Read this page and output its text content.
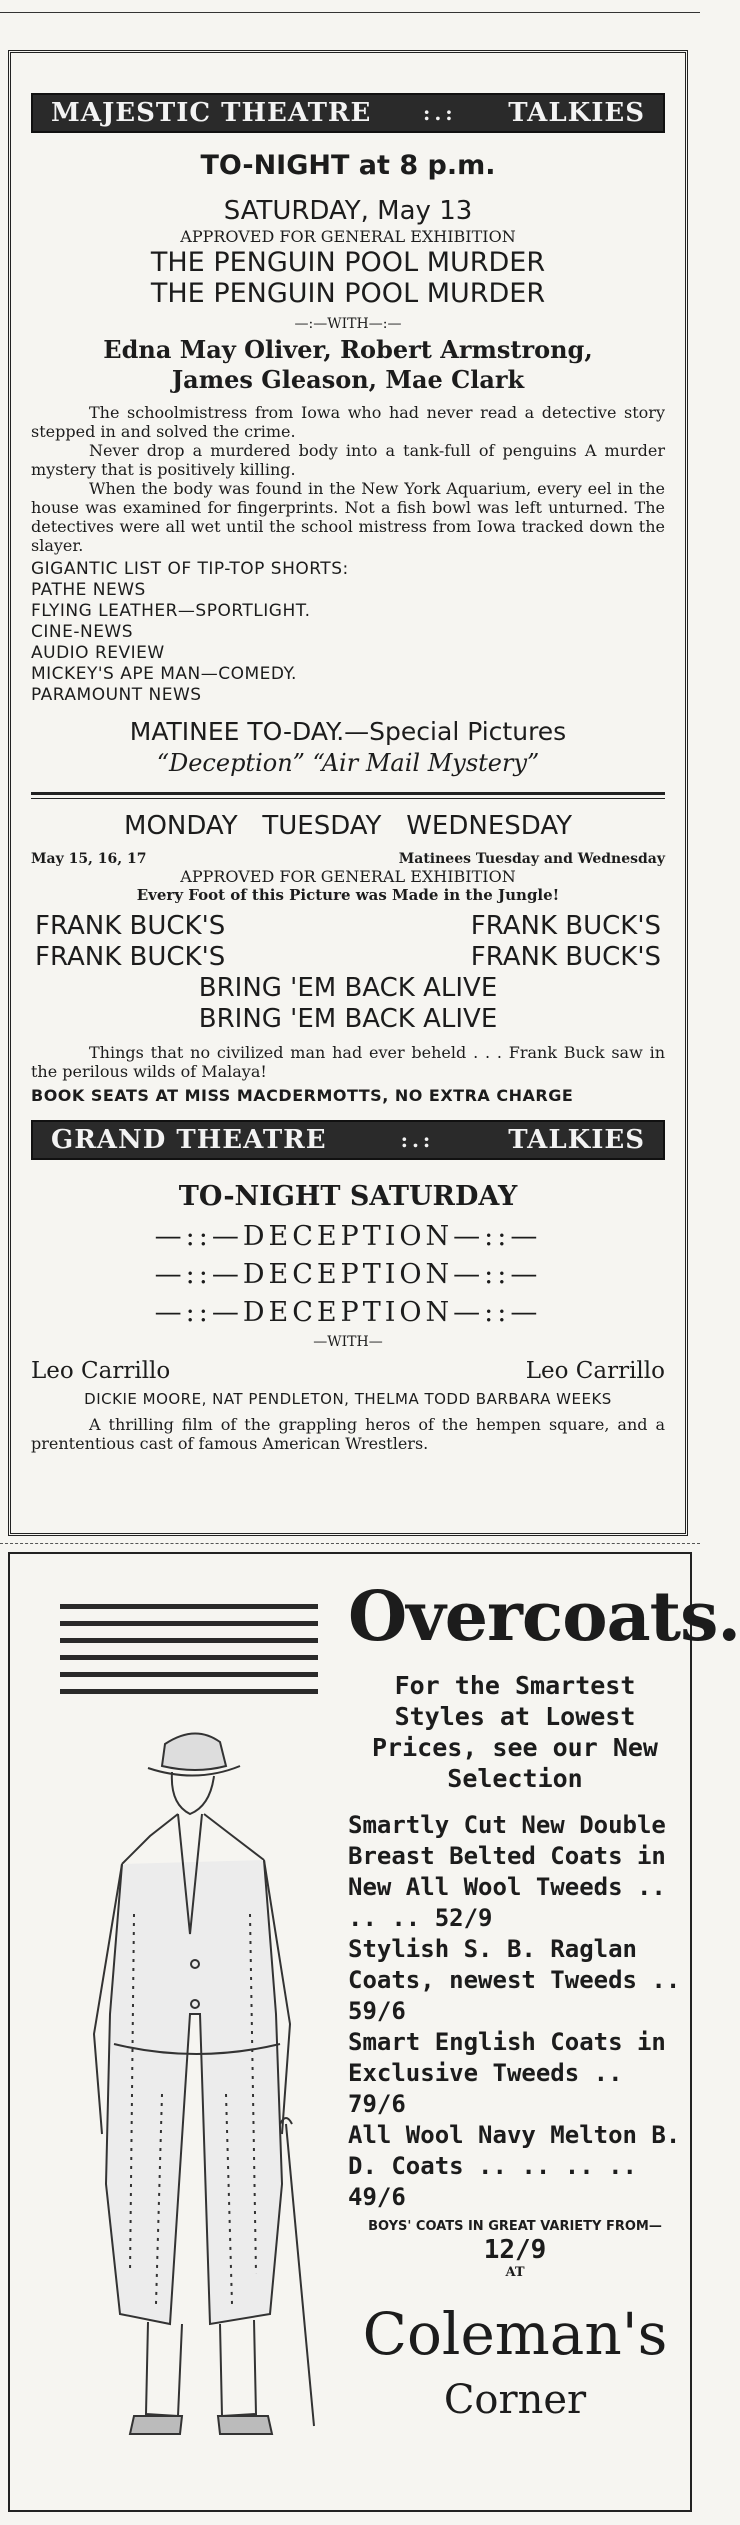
MAJESTIC THEATRE	:.: TALKIES
TO-NIGHT at 8 p.m.
SATURDAY, May 13
APPROVED FOR GENERAL EXHIBITION
THE PENGUIN POOL MURDER
THE PENGUIN POOL MURDER
—:—WITH—:—
Edna May Oliver, Robert Armstrong,
James Gleason, Mae Clark

The schoolmistress from Iowa who had never read a detective story stepped in and solved the crime.

Never drop a murdered body into a tank-full of penguins A murder mystery that is positively killing.

When the body was found in the New York Aquarium, every eel in the house was examined for fingerprints. Not a fish bowl was left unturned. The detectives were all wet until the school mistress from Iowa tracked down the slayer.

GIGANTIC LIST OF TIP-TOP SHORTS:
PATHE NEWS
FLYING LEATHER—SPORTLIGHT.
CINE-NEWS
AUDIO REVIEW
MICKEY'S APE MAN—COMEDY.
PARAMOUNT NEWS
MATINEE TO-DAY.—Special Pictures
“Deception” “Air Mail Mystery”
MONDAY   TUESDAY   WEDNESDAY
May 15, 16, 17	Matinees Tuesday and Wednesday
APPROVED FOR GENERAL EXHIBITION
Every Foot of this Picture was Made in the Jungle!
FRANK BUCK'S	FRANK BUCK'S
FRANK BUCK'S	FRANK BUCK'S
BRING 'EM BACK ALIVE
BRING 'EM BACK ALIVE

Things that no civilized man had ever beheld . . . Frank Buck saw in the perilous wilds of Malaya!

BOOK SEATS AT MISS MACDERMOTTS, NO EXTRA CHARGE
GRAND THEATRE	:.:	TALKIES
TO-NIGHT SATURDAY
—::—DECEPTION—::—
—::—DECEPTION—::—
—::—DECEPTION—::—
—WITH—
Leo Carrillo	Leo Carrillo
DICKIE MOORE, NAT PENDLETON, THELMA TODD BARBARA WEEKS

A thrilling film of the grappling heros of the hempen square, and a prententious cast of famous American Wrestlers.

Overcoats.
For the Smartest Styles at Lowest Prices, see our New Selection
Smartly Cut New Double Breast Belted Coats in New All Wool Tweeds .. .. .. 52/9
Stylish S. B. Raglan Coats, newest Tweeds .. 59/6
Smart English Coats in Exclusive Tweeds .. 79/6
All Wool Navy Melton B. D. Coats .. .. .. .. 49/6
BOYS' COATS IN GREAT VARIETY FROM—
12/9
AT
Coleman's
Corner
